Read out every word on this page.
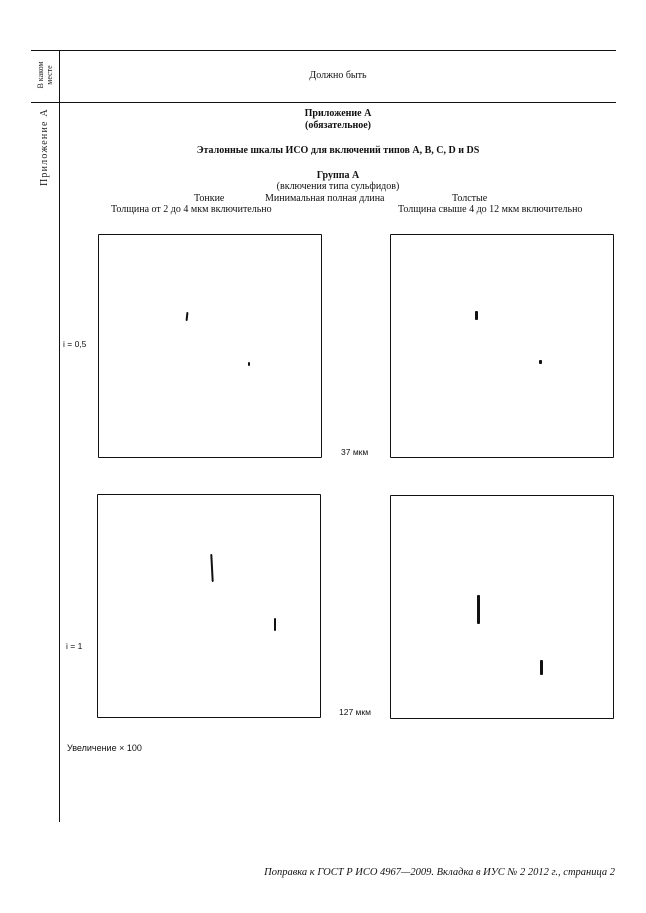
В каком месте	Должно быть
Приложение А	Приложение А
(обязательное)
Эталонные шкалы ИСО для включений типов А, В, С, D и DS
Группа А
(включения типа сульфидов)
Тонкие	Минимальная полная длина	Толстые
Толщина от 2 до 4 мкм включительно	Толщина свыше 4 до 12 мкм включительно
i = 0,5
37 мкм
i = 1
127 мкм
Увеличение × 100
Поправка к ГОСТ Р ИСО 4967—2009. Вкладка в ИУС № 2 2012 г., страница 2
